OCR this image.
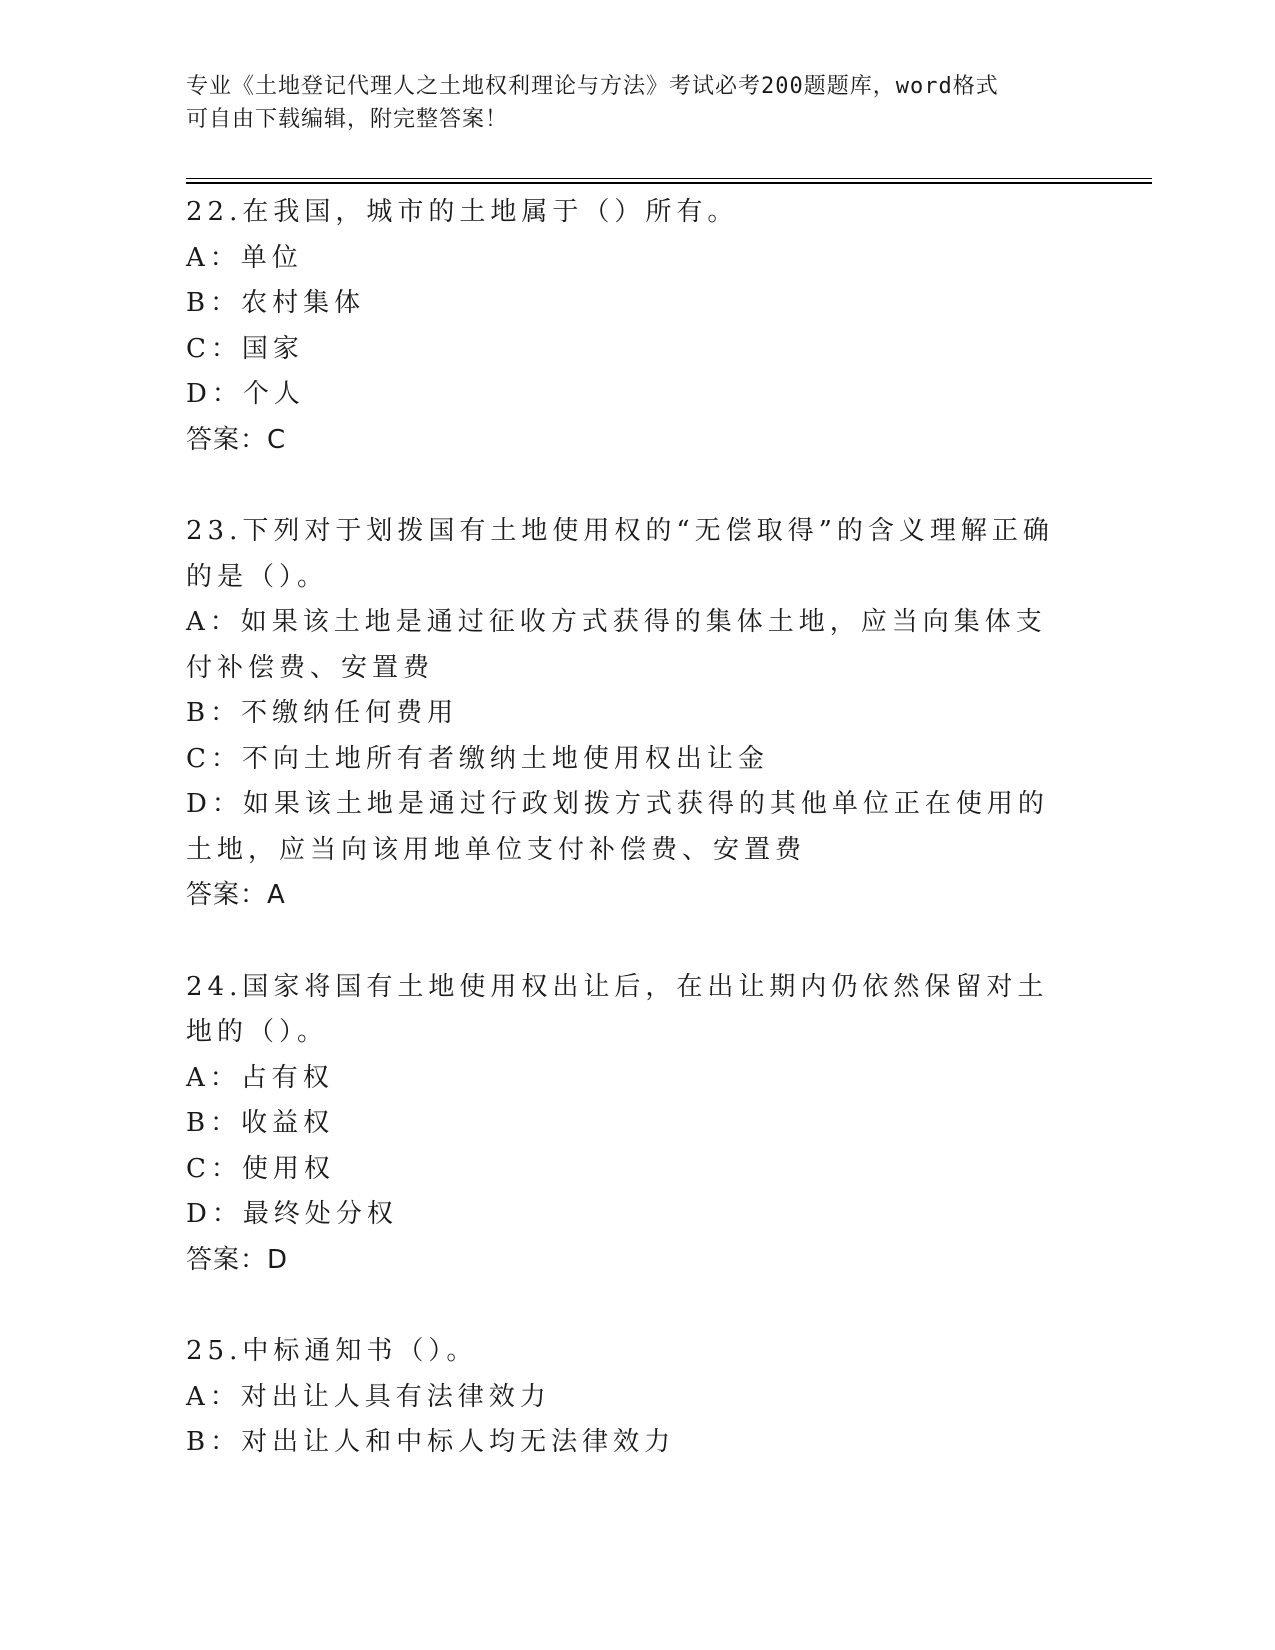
专业《土地登记代理人之土地权利理论与方法》考试必考200题题库，word格式
可自由下载编辑，附完整答案！
22.在我国，城市的土地属于（）所有。
A：单位
B：农村集体
C：国家
D：个人
答案：C
23.下列对于划拨国有土地使用权的“无偿取得”的含义理解正确的是（）。
A：如果该土地是通过征收方式获得的集体土地，应当向集体支付补偿费、安置费
B：不缴纳任何费用
C：不向土地所有者缴纳土地使用权出让金
D：如果该土地是通过行政划拨方式获得的其他单位正在使用的土地，应当向该用地单位支付补偿费、安置费
答案：A
24.国家将国有土地使用权出让后，在出让期内仍依然保留对土地的（）。
A：占有权
B：收益权
C：使用权
D：最终处分权
答案：D
25.中标通知书（）。
A：对出让人具有法律效力
B：对出让人和中标人均无法律效力
